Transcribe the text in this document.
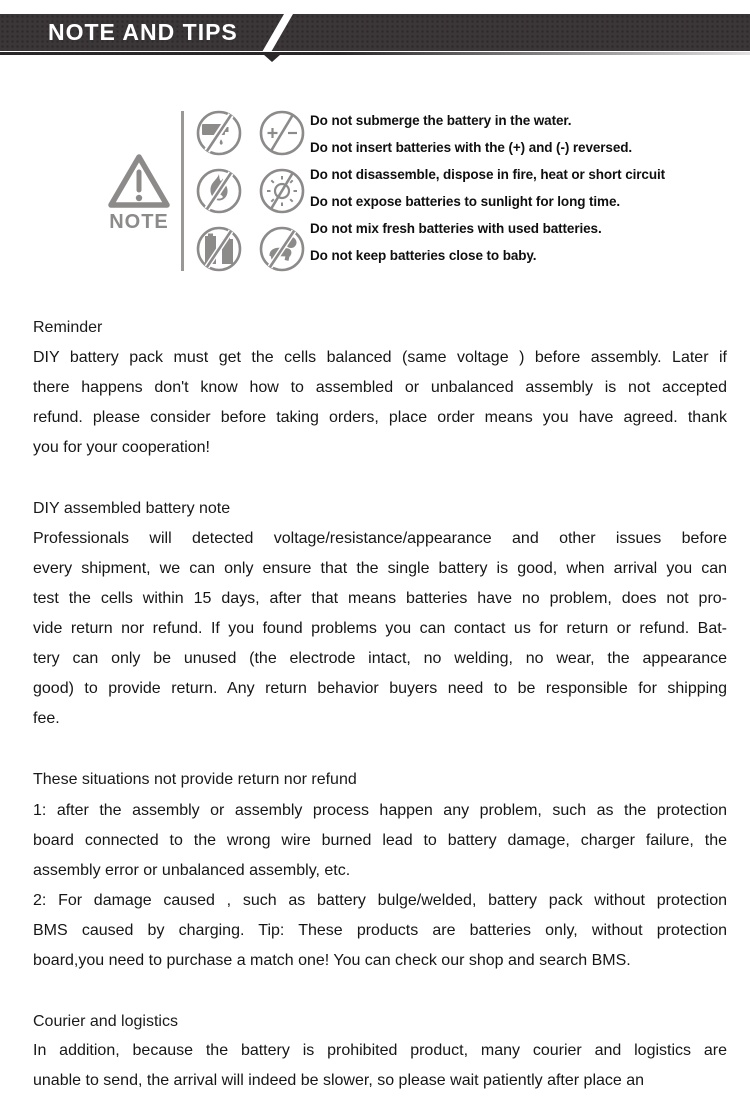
NOTE AND TIPS
NOTE
Do not submerge the battery in the water.
Do not insert batteries with the (+) and (-) reversed.
Do not disassemble, dispose in fire, heat or short circuit
Do not expose batteries to sunlight for long time.
Do not mix fresh batteries with used batteries.
Do not keep batteries close to baby.
Reminder
DIY battery pack must get the cells balanced (same voltage ) before assembly. Later if
there happens don't know how to assembled or unbalanced assembly is not accepted
refund. please consider before taking orders, place order means you have agreed. thank
you for your cooperation!
DIY assembled battery note
Professionals will detected voltage/resistance/appearance and other issues before
every shipment, we can only ensure that the single battery is good, when arrival you can
test the cells within 15 days, after that means batteries have no problem, does not pro-
vide return nor refund. If you found problems you can contact us for return or refund. Bat-
tery can only be unused (the electrode intact, no welding, no wear, the appearance
good) to provide return. Any return behavior buyers need to be responsible for shipping
fee.
These situations not provide return nor refund
1: after the assembly or assembly process happen any problem, such as the protection
board connected to the wrong wire burned lead to battery damage, charger failure, the
assembly error or unbalanced assembly, etc.
2: For damage caused , such as battery bulge/welded, battery pack without protection
BMS caused by charging. Tip: These products are batteries only, without protection
board,you need to purchase a match one! You can check our shop and search BMS.
Courier and logistics
In addition, because the battery is prohibited product, many courier and logistics are
unable to send, the arrival will indeed be slower, so please wait patiently after place an
